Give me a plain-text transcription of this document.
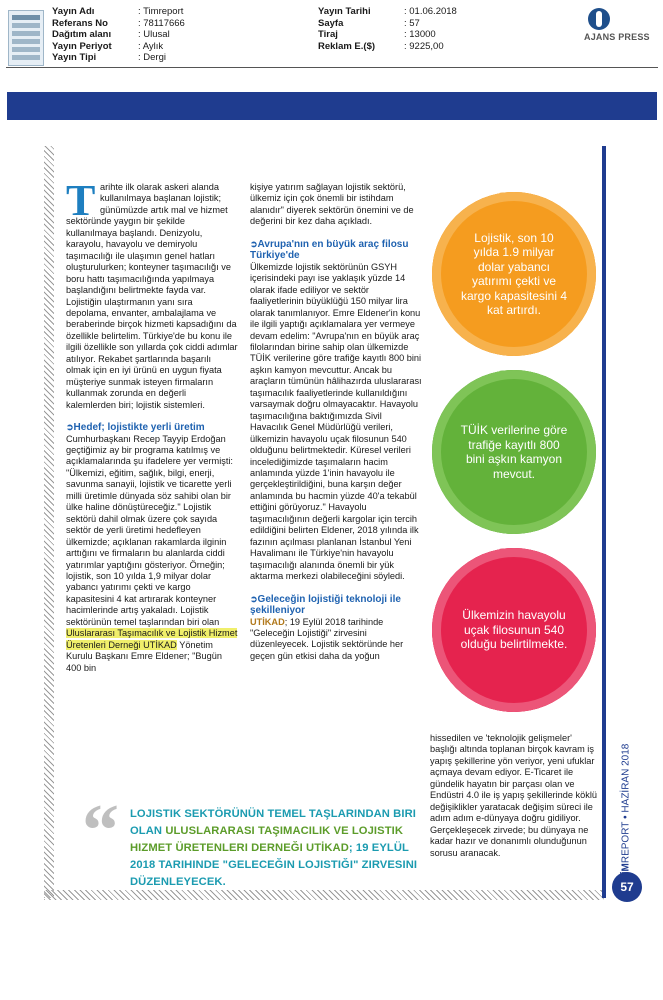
Yayın Adı	: Timreport
Referans No	: 78117666
Dağıtım alanı	: Ulusal
Yayın Periyot	: Aylık
Yayın Tipi	: Dergi
Yayın Tarihi	: 01.06.2018
Sayfa	: 57
Tiraj	: 13000
Reklam E.($)	: 9225,00
AJANS PRESS

Tarihte ilk olarak askeri alanda kullanılmaya başlanan lojistik; günümüzde artık mal ve hizmet sektöründe yaygın bir şekilde kullanılmaya başlandı. Denizyolu, karayolu, havayolu ve demiryolu taşımacılığı ile ulaşımın genel hatları oluşturulurken; konteyner taşımacılığı ve boru hattı taşımacılığında yapılmaya başlandığını belirtmekte fayda var. Lojistiğin ulaştırmanın yanı sıra depolama, envanter, ambalajlama ve beraberinde birçok hizmeti kapsadığını da özellikle belirtelim. Türkiye'de bu konu ile ilgili özellikle son yıllarda çok ciddi adımlar atılıyor. Rekabet şartlarında başarılı olmak için en iyi ürünü en uygun fiyata müşteriye sunmak isteyen firmaların kullanmak zorunda en değerli kalemlerden biri; lojistik sistemleri.

➲Hedef; lojistikte yerli üretim

Cumhurbaşkanı Recep Tayyip Erdoğan geçtiğimiz ay bir programa katılmış ve açıklamalarında şu ifadelere yer vermişti: "Ülkemizi, eğitim, sağlık, bilgi, enerji, savunma sanayii, lojistik ve ticarette yerli milli üretimle dünyada söz sahibi olan bir ülke haline dönüştüreceğiz." Lojistik sektörü dahil olmak üzere çok sayıda sektör de yerli üretimi hedefleyen ülkemizde; açıklanan rakamlarda ilginin arttığını ve firmaların bu alanlarda ciddi yatırımlar yaptığını gösteriyor. Örneğin; lojistik, son 10 yılda 1,9 milyar dolar yabancı yatırımı çekti ve kargo kapasitesini 4 kat artırarak konteyner hacimlerinde artış yakaladı. Lojistik sektörünün temel taşlarından biri olan Uluslararası Taşımacılık ve Lojistik Hizmet Üretenleri Derneği UTİKAD Yönetim Kurulu Başkanı Emre Eldener; "Bugün 400 bin

kişiye yatırım sağlayan lojistik sektörü, ülkemiz için çok önemli bir istihdam alanıdır" diyerek sektörün önemini ve de değerini bir kez daha açıkladı.

➲Avrupa'nın en büyük araç filosu Türkiye'de

Ülkemizde lojistik sektörünün GSYH içerisindeki payı ise yaklaşık yüzde 14 olarak ifade ediliyor ve sektör faaliyetlerinin büyüklüğü 150 milyar lira olarak tanımlanıyor. Emre Eldener'in konu ile ilgili yaptığı açıklamalara yer vermeye devam edelim: "Avrupa'nın en büyük araç filolarından birine sahip olan ülkemizde TÜİK verilerine göre trafiğe kayıtlı 800 bini aşkın kamyon mevcuttur. Ancak bu araçların tümünün hâlihazırda uluslararası taşımacılık faaliyetlerinde kullanıldığını varsaymak doğru olmayacaktır. Havayolu taşımacılığına baktığımızda Sivil Havacılık Genel Müdürlüğü verileri, ülkemizin havayolu uçak filosunun 540 olduğunu belirtmektedir. Küresel verileri incelediğimizde taşımaların hacim anlamında yüzde 1'inin havayolu ile gerçekleştirildiğini, buna karşın değer anlamında bu hacmin yüzde 40'a tekabül ettiğini görüyoruz." Havayolu taşımacılığının değerli kargolar için tercih edildiğini belirten Eldener, 2018 yılında ilk fazının açılması planlanan İstanbul Yeni Havalimanı ile Türkiye'nin havayolu taşımacılığı alanında önemli bir yük aktarma merkezi olabileceğini söyledi.

➲Geleceğin lojistiği teknoloji ile şekilleniyor

UTİKAD; 19 Eylül 2018 tarihinde "Geleceğin Lojistiği" zirvesini düzenleyecek. Lojistik sektöründe her geçen gün etkisi daha da yoğun

hissedilen ve 'teknolojik gelişmeler' başlığı altında toplanan birçok kavram iş yapış şekillerine yön veriyor, yeni ufuklar açmaya devam ediyor. E-Ticaret ile gündelik hayatın bir parçası olan ve Endüstri 4.0 ile iş yapış şekillerinde köklü değişiklikler yaratacak değişim süreci ile adım adım e-dünyaya doğru gidiliyor. Gerçekleşecek zirvede; bu dünyaya ne kadar hazır ve donanımlı olunduğunun sorusu aranacak.

Lojistik, son 10 yılda 1.9 milyar dolar yabancı yatırımı çekti ve kargo kapasitesini 4 kat artırdı.
TÜİK verilerine göre trafiğe kayıtlı 800 bini aşkın kamyon mevcut.
Ülkemizin havayolu uçak filosunun 540 olduğu belirtilmekte.
“ LOJISTIK SEKTÖRÜNÜN TEMEL TAŞLARINDAN BIRI OLAN ULUSLARARASI TAŞIMACILIK VE LOJISTIK HIZMET ÜRETENLERI DERNEĞI UTİKAD; 19 EYLÜL 2018 TARIHINDE "GELECEĞIN LOJISTIĞI" ZIRVESINI DÜZENLEYECEK.
REPORT • HAZİRAN 2018
57
